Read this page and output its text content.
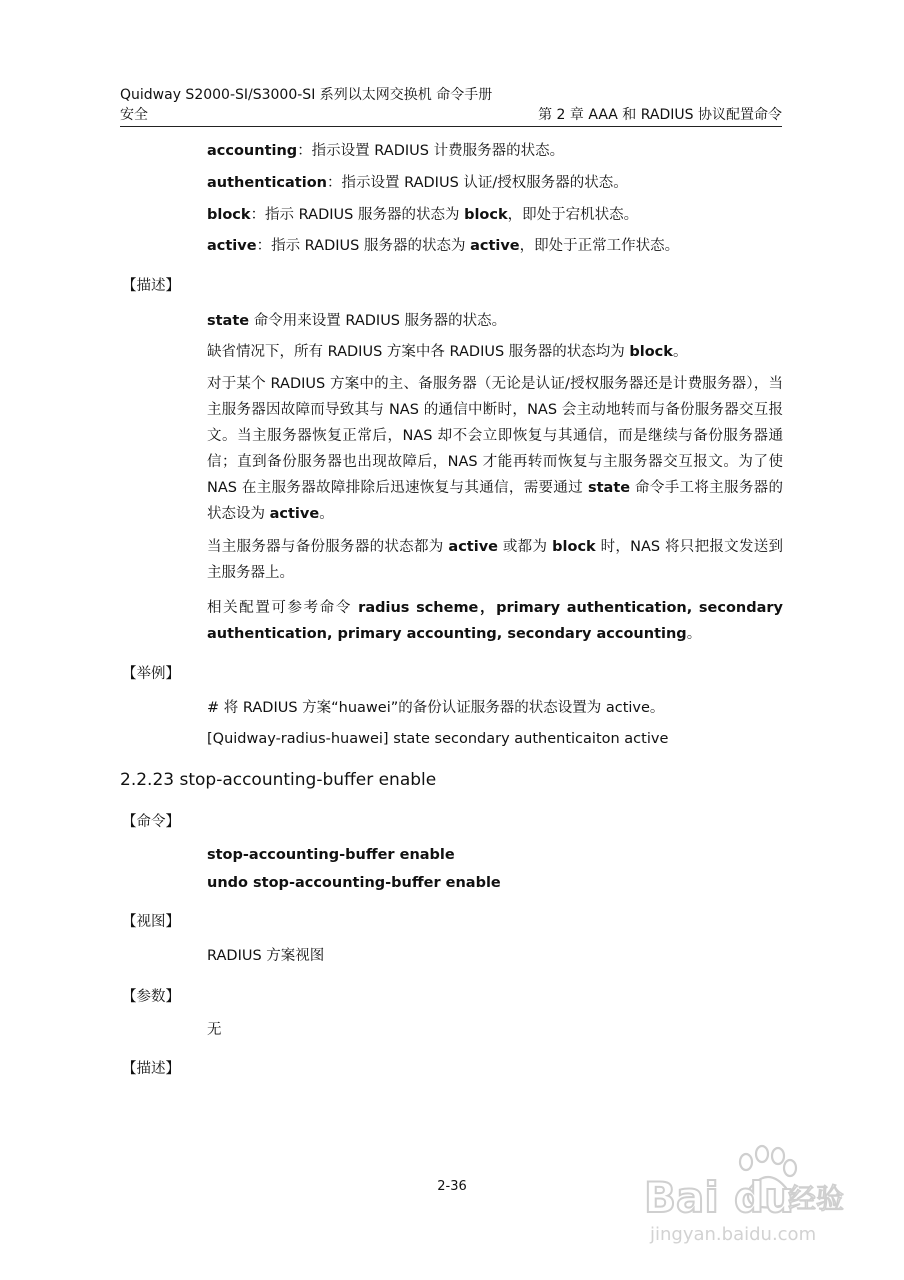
Quidway S2000-SI/S3000-SI 系列以太网交换机 命令手册
安全	第 2 章 AAA 和 RADIUS 协议配置命令
accounting：指示设置 RADIUS 计费服务器的状态。
authentication：指示设置 RADIUS 认证/授权服务器的状态。
block：指示 RADIUS 服务器的状态为 block，即处于宕机状态。
active：指示 RADIUS 服务器的状态为 active，即处于正常工作状态。
【描述】
state 命令用来设置 RADIUS 服务器的状态。
缺省情况下，所有 RADIUS 方案中各 RADIUS 服务器的状态均为 block。
对于某个 RADIUS 方案中的主、备服务器（无论是认证/授权服务器还是计费服务器），当主服务器因故障而导致其与 NAS 的通信中断时，NAS 会主动地转而与备份服务器交互报文。当主服务器恢复正常后，NAS 却不会立即恢复与其通信，而是继续与备份服务器通信；直到备份服务器也出现故障后，NAS 才能再转而恢复与主服务器交互报文。为了使 NAS 在主服务器故障排除后迅速恢复与其通信，需要通过 state 命令手工将主服务器的状态设为 active。
当主服务器与备份服务器的状态都为 active 或都为 block 时，NAS 将只把报文发送到主服务器上。
相关配置可参考命令 radius scheme，primary authentication, secondary authentication, primary accounting, secondary accounting。
【举例】
# 将 RADIUS 方案“huawei”的备份认证服务器的状态设置为 active。
[Quidway-radius-huawei] state secondary authenticaiton active
2.2.23 stop-accounting-buffer enable
【命令】
stop-accounting-buffer enable
undo stop-accounting-buffer enable
【视图】
RADIUS 方案视图
【参数】
无
【描述】
2-36	Bai du
经验
jingyan.baidu.com
